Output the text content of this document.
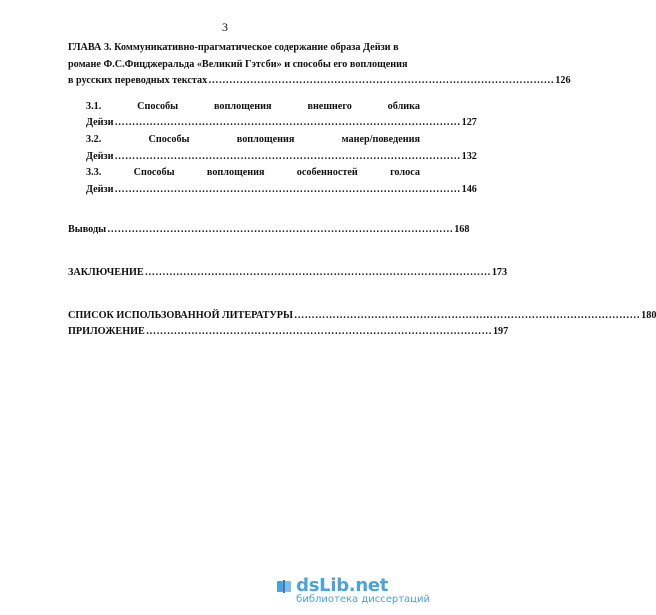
3
ГЛАВА 3. Коммуникативно-прагматическое содержание образа Дейзи в
романе Ф.С.Фицджеральда «Великий Гэтсби» и способы его воплощения
в русских переводных текстах ……………………………………………………………………………………… 126
3.1.	Способы	воплощения	внешнего	облика
Дейзи ……………………………………………………………………………………… 127
3.2.	Способы	воплощения	манер/поведения
Дейзи ……………………………………………………………………………………… 132
3.3.	Способы	воплощения	особенностей	голоса
Дейзи ……………………………………………………………………………………… 146
Выводы ……………………………………………………………………………………… 168
ЗАКЛЮЧЕНИЕ ……………………………………………………………………………………… 173
СПИСОК ИСПОЛЬЗОВАННОЙ ЛИТЕРАТУРЫ ……………………………………………………………………………………… 180
ПРИЛОЖЕНИЕ ……………………………………………………………………………………… 197
dsLib.net
библиотека диссертаций
